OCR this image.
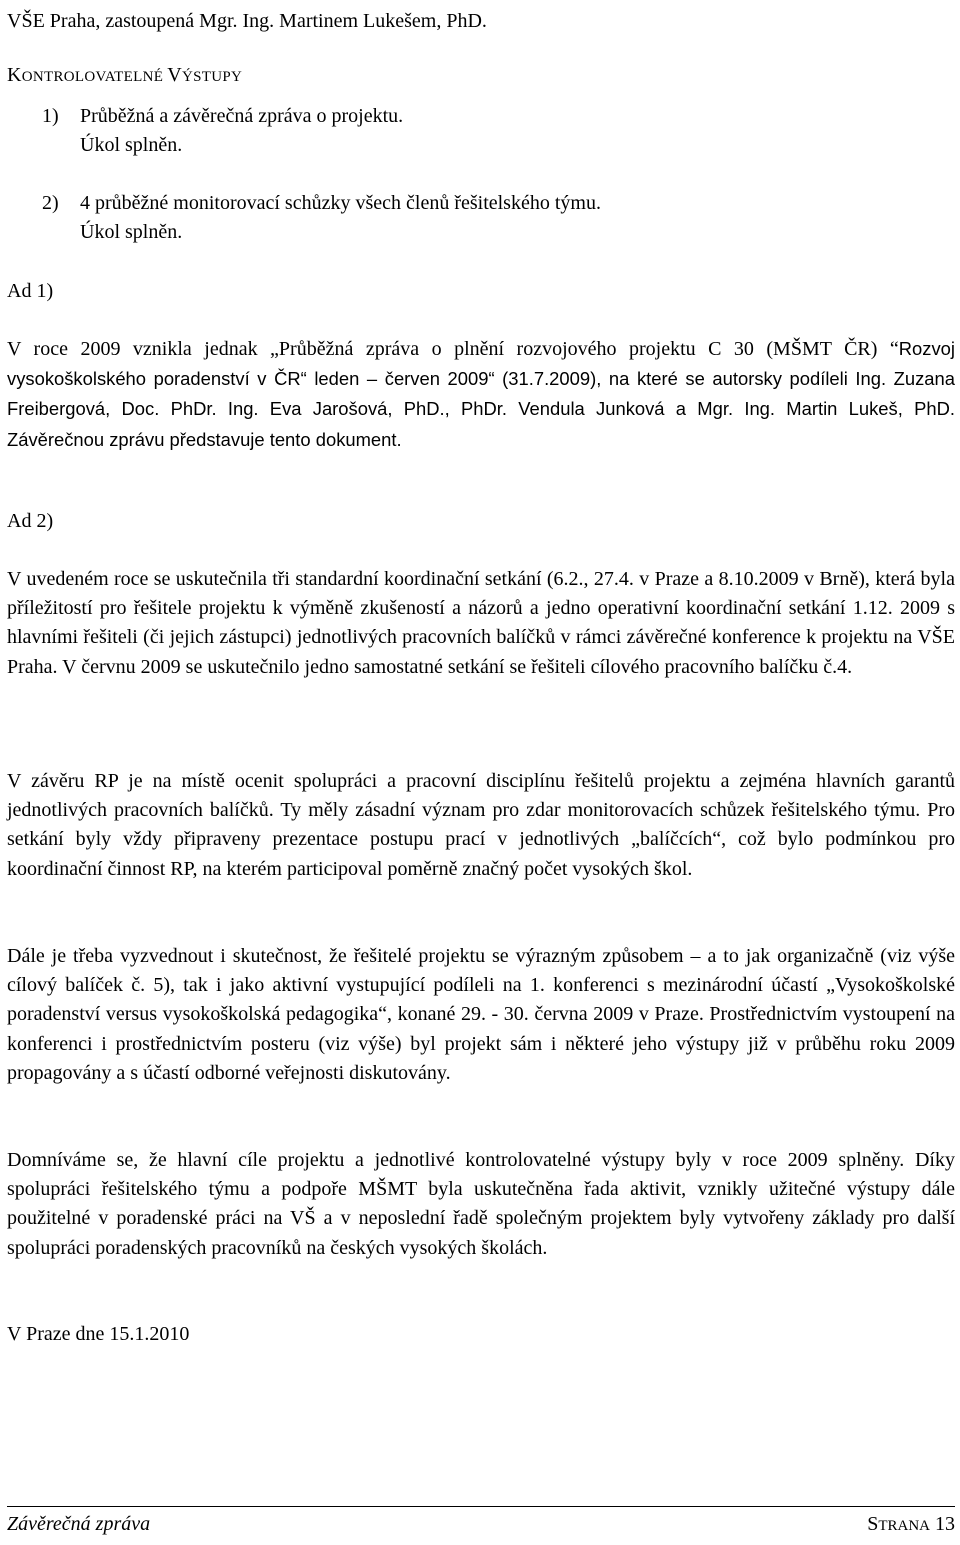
VŠE Praha, zastoupená Mgr. Ing. Martinem Lukešem, PhD.
KONTROLOVATELNÉ VÝSTUPY
1) Průběžná a závěrečná zpráva o projektu.
Úkol splněn.
2) 4 průběžné monitorovací schůzky všech členů řešitelského týmu.
Úkol splněn.
Ad 1)
V roce 2009 vznikla jednak „Průběžná zpráva o plnění rozvojového projektu C 30 (MŠMT ČR) “Rozvoj vysokoškolského poradenství v ČR“ leden – červen 2009“ (31.7.2009), na které se autorsky podíleli Ing. Zuzana Freibergová, Doc. PhDr. Ing. Eva Jarošová, PhD., PhDr. Vendula Junková a Mgr. Ing. Martin Lukeš, PhD. Závěrečnou zprávu představuje tento dokument.
Ad 2)
V uvedeném roce se uskutečnila tři standardní koordinační setkání (6.2., 27.4. v Praze a 8.10.2009 v Brně), která byla příležitostí pro řešitele projektu k výměně zkušeností a názorů a jedno operativní koordinační setkání 1.12. 2009 s hlavními řešiteli (či jejich zástupci) jednotlivých pracovních balíčků v rámci závěrečné konference k projektu na VŠE Praha. V červnu 2009 se uskutečnilo jedno samostatné setkání se řešiteli cílového pracovního balíčku č.4.
V závěru RP je na místě ocenit spolupráci a pracovní disciplínu řešitelů projektu a zejména hlavních garantů jednotlivých pracovních balíčků. Ty měly zásadní význam pro zdar monitorovacích schůzek řešitelského týmu. Pro setkání byly vždy připraveny prezentace postupu prací v jednotlivých „balíčcích“, což bylo podmínkou pro koordinační činnost RP, na kterém participoval poměrně značný počet vysokých škol.
Dále je třeba vyzvednout i skutečnost, že řešitelé projektu se výrazným způsobem – a to jak organizačně (viz výše cílový balíček č. 5), tak i jako aktivní vystupující podíleli na 1. konferenci s mezinárodní účastí „Vysokoškolské poradenství versus vysokoškolská pedagogika“, konané 29. - 30. června 2009 v Praze. Prostřednictvím vystoupení na konferenci i prostřednictvím posteru (viz výše) byl projekt sám i některé jeho výstupy již v průběhu roku 2009 propagovány a s účastí odborné veřejnosti diskutovány.
Domníváme se, že hlavní cíle projektu a jednotlivé kontrolovatelné výstupy byly v roce 2009 splněny. Díky spolupráci řešitelského týmu a podpoře MŠMT byla uskutečněna řada aktivit, vznikly užitečné výstupy dále použitelné v poradenské práci na VŠ a v neposlední řadě společným projektem byly vytvořeny základy pro další spolupráci poradenských pracovníků na českých vysokých školách.
V Praze dne 15.1.2010
Závěrečná zpráva	STRANA 13
